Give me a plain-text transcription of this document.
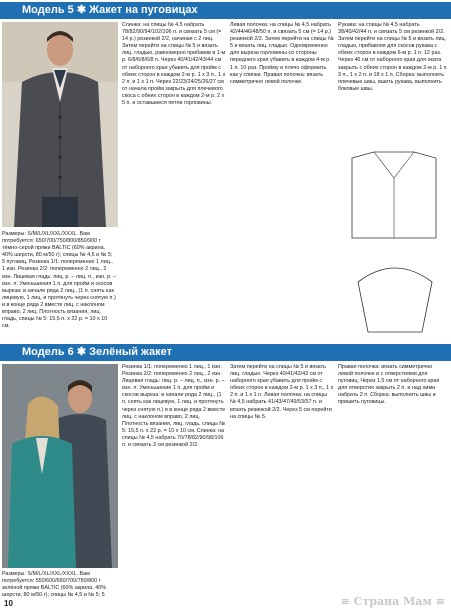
Модель 5 ✱ Жакет на пуговицах

Размеры: S/M/L/XL/XXL/XXXL. Вам потребуется: 650/700/750/800/850/900 г тёмно-серой пряжи BALTIC (60% акрила, 40% шерсти, 80 м/50 г); спицы № 4,5 и № 5; 5 пуговиц. Резинка 1/1: попеременно 1 лиц., 1 изн. Резинка 2/2: попеременно 2 лиц., 2 изн. Лицевая гладь: лиц. р. – лиц. п., изн. р. – изн. п. Уменьшения 1 п. для пройм и скосов выреза: в начале ряда 2 лиц., (1 п. снять как лицевую, 1 лиц. и протянуть через снятую п.) и в конце ряда 2 вместе лиц. с наклоном вправо, 2 лиц. Плотность вязания, лиц. гладь, спицы № 5: 15,5 п. x 22 р. = 10 x 10 см.

Спинка: на спицы № 4,5 набрать 78/82/90/94/102/106 п. и связать 5 см (= 14 р.) резинкой 2/2, начиная с 2 лиц. Затем перейти на спицы № 5 и вязать лиц. гладью, равномерно прибавив в 1-м р. 6/8/6/8/6/8 п. Через 40/41/42/43/44 см от наборного края убавить для пройм с обеих сторон в каждом 2-м р. 1 x 3 п., 1 x 2 п. и 1 x 1 п. Через 22/23/24/25/26/27 см от начала пройм закрыть для плечевого скоса с обеих сторон в каждом 2-м р. 2 x 5 п. и оставшиеся петли горловины.

Левая полочка: на спицы № 4,5 набрать 42/44/46/48/50 п. и связать 5 см (= 14 р.) резинкой 2/2. Затем перейти на спицы № 5 и вязать лиц. гладью. Одновременно для выреза горловины со стороны переднего края убавить в каждом 4-м р. 1 п. 10 раз. Пройму и плечо оформить как у спинки. Правая полочка: вязать симметрично левой полочке.

Рукава: на спицы № 4,5 набрать 38/40/42/44 п. и связать 5 см резинкой 2/2. Затем перейти на спицы № 5 и вязать лиц. гладью, прибавляя для скосов рукава с обеих сторон в каждом 6-м р. 1 п. 12 раз. Через 46 см от наборного края для оката закрыть с обеих сторон в каждом 2-м р. 1 x 3 п., 1 x 2 п. и 18 x 1 п. Сборка: выполнить плечевые швы, вшить рукава, выполнить боковые швы.

Модель 6 ✱ Зелёный жакет

Размеры: S/M/L/XL/XXL/XXXL. Вам потребуется: 550/600/650/700/750/800 г зелёной пряжи BALTIC (60% акрила, 40% шерсти, 80 м/50 г); спицы № 4,5 и № 5; 5

Резинка 1/1: попеременно 1 лиц., 1 изн. Резинка 2/2: попеременно 2 лиц., 2 изн. Лицевая гладь: лиц. р. – лиц. п., изн. р. – изн. п. Уменьшение 1 п. для пройм и скосов выреза: в начале ряда 2 лиц., (1 п. снять как лицевую, 1 лиц. и протянуть через снятую п.) и в конце ряда 2 вместе лиц. с наклоном вправо, 2 лиц. Плотность вязания, лиц. гладь, спицы № 5: 15,5 п. x 22 р. = 10 x 10 см. Спинка: на спицы № 4,5 набрать 70/78/82/90/98/106 п. и связать 3 см резинкой 2/2.

Затем перейти на спицы № 5 и вязать лиц. гладью. Через 40/41/42/43 см от наборного края убавить для пройм с обеих сторон в каждом 2-м р. 1 x 3 п., 1 x 2 п. и 1 x 1 п. Левая полочка: на спицы № 4,5 набрать 41/43/47/49/53/57 п. и вязать резинкой 2/2. Через 5 см перейти на спицы № 5.

Правая полочка: вязать симметрично левой полочке и с отверстиями для пуговиц. Через 1,5 см от наборного края для отверстия закрыть 2 п. и над ними набрать 2 п. Сборка: выполнить швы и пришить пуговицы.

10	≡ Страна Мам ≡
